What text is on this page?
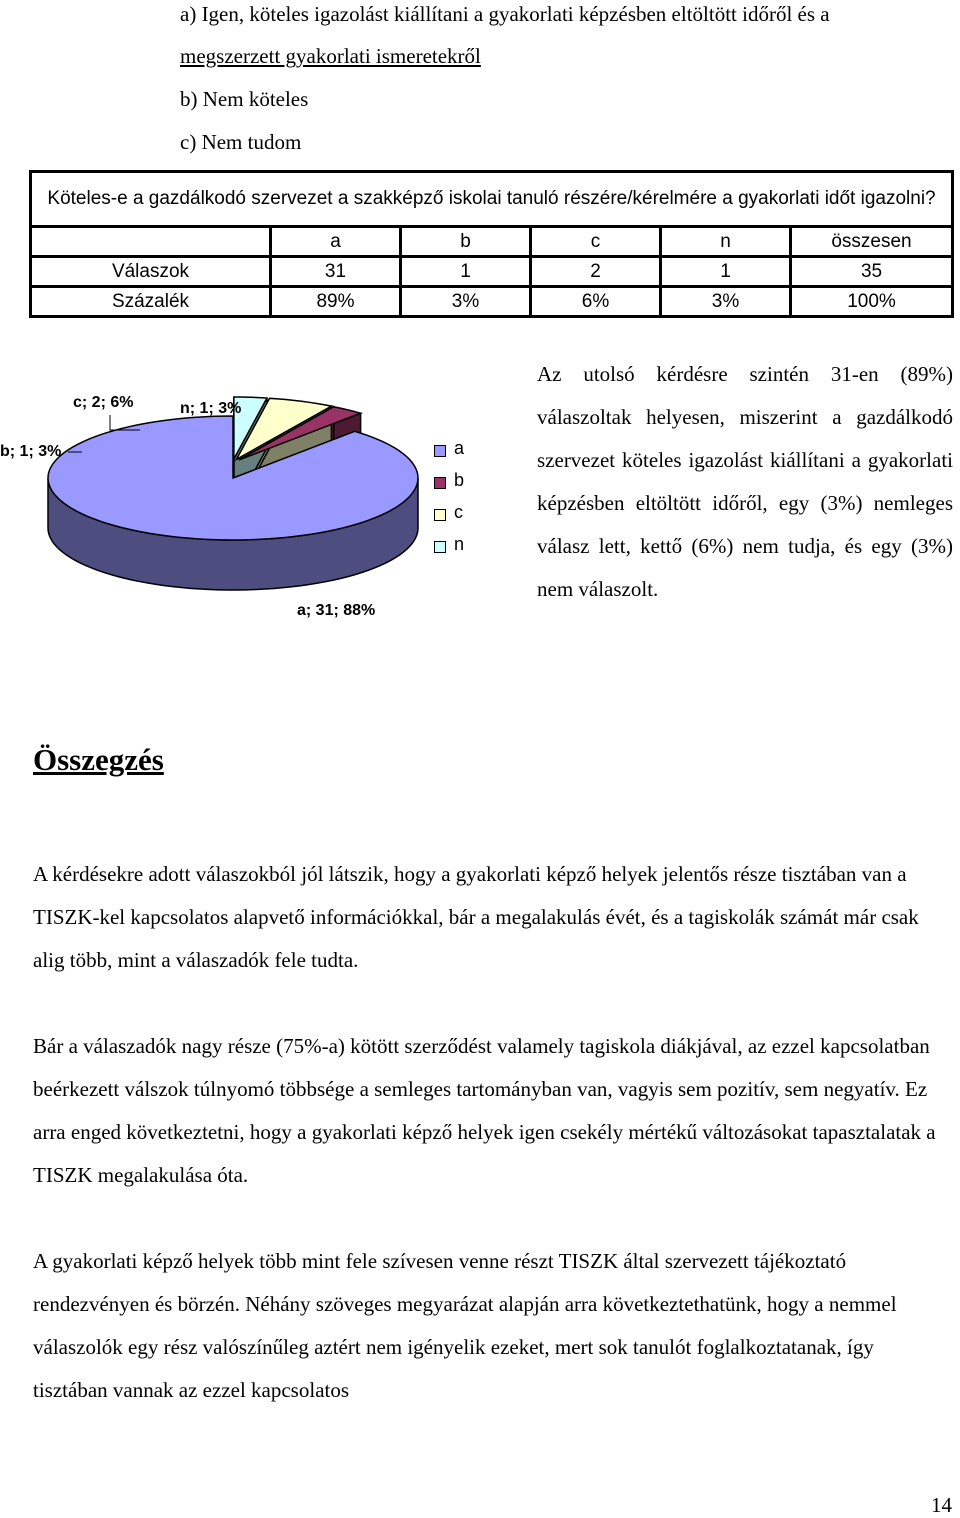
a) Igen, köteles igazolást kiállítani a gyakorlati képzésben eltöltött időről és a
megszerzett gyakorlati ismeretekről
b) Nem köteles
c) Nem tudom
Köteles-e a gazdálkodó szervezet a szakképző iskolai tanuló részére/kérelmére a gyakorlati időt igazolni?					
	a	b	c	n	összesen
Válaszok	31	1	2	1	35
Százalék	89%	3%	6%	3%	100%
a; 31; 88%
b; 1; 3%
c; 2; 6%	n; 1; 3%
a
b
c
n

Az utolsó kérdésre szintén 31-en (89%) válaszoltak helyesen, miszerint a gazdálkodó szervezet köteles igazolást kiállítani a gyakorlati képzésben eltöltött időről, egy (3%) nemleges válasz lett, kettő (6%) nem tudja, és egy (3%) nem válaszolt.

Összegzés

A kérdésekre adott válaszokból jól látszik, hogy a gyakorlati képző helyek jelentős része tisztában van a TISZK-kel kapcsolatos alapvető információkkal, bár a megalakulás évét, és a tagiskolák számát már csak alig több, mint a válaszadók fele tudta.

Bár a válaszadók nagy része (75%-a) kötött szerződést valamely tagiskola diákjával, az ezzel kapcsolatban beérkezett válszok túlnyomó többsége a semleges tartományban van, vagyis sem pozitív, sem negyatív. Ez arra enged következtetni, hogy a gyakorlati képző helyek igen csekély mértékű változásokat tapasztalatak a TISZK megalakulása óta.

A gyakorlati képző helyek több mint fele szívesen venne részt TISZK által szervezett tájékoztató rendezvényen és börzén. Néhány szöveges megyarázat alapján arra következtethatünk, hogy a nemmel válaszolók egy rész valószínűleg aztért nem igényelik ezeket, mert sok tanulót foglalkoztatanak, így tisztában vannak az ezzel kapcsolatos

14
